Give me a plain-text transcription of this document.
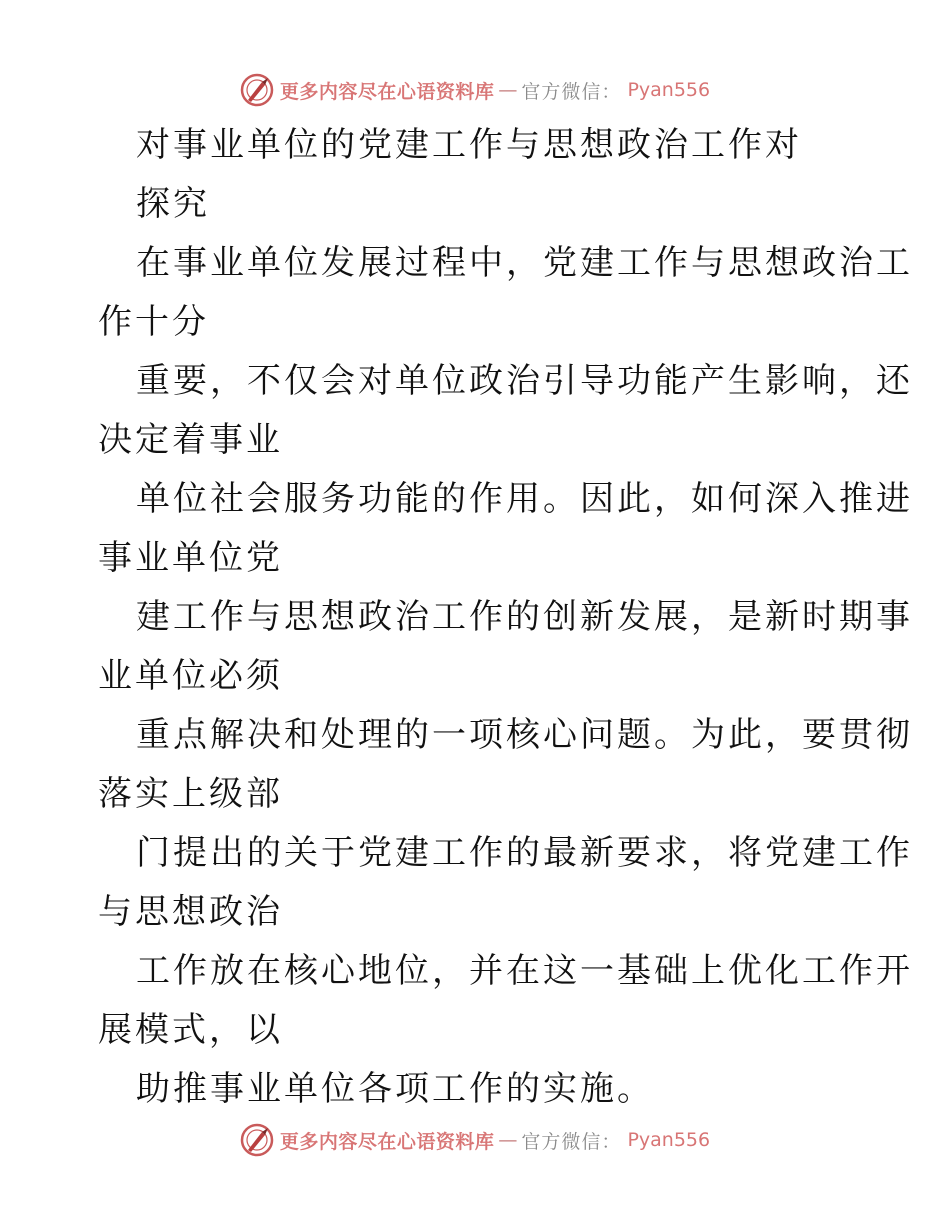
更多内容尽在心语资料库 — 官方微信： Pyan556
对事业单位的党建工作与思想政治工作对
探究
在事业单位发展过程中，党建工作与思想政治工
作十分
重要，不仅会对单位政治引导功能产生影响，还
决定着事业
单位社会服务功能的作用。因此，如何深入推进
事业单位党
建工作与思想政治工作的创新发展，是新时期事
业单位必须
重点解决和处理的一项核心问题。为此，要贯彻
落实上级部
门提出的关于党建工作的最新要求，将党建工作
与思想政治
工作放在核心地位，并在这一基础上优化工作开
展模式，以
助推事业单位各项工作的实施。
更多内容尽在心语资料库 — 官方微信： Pyan556
